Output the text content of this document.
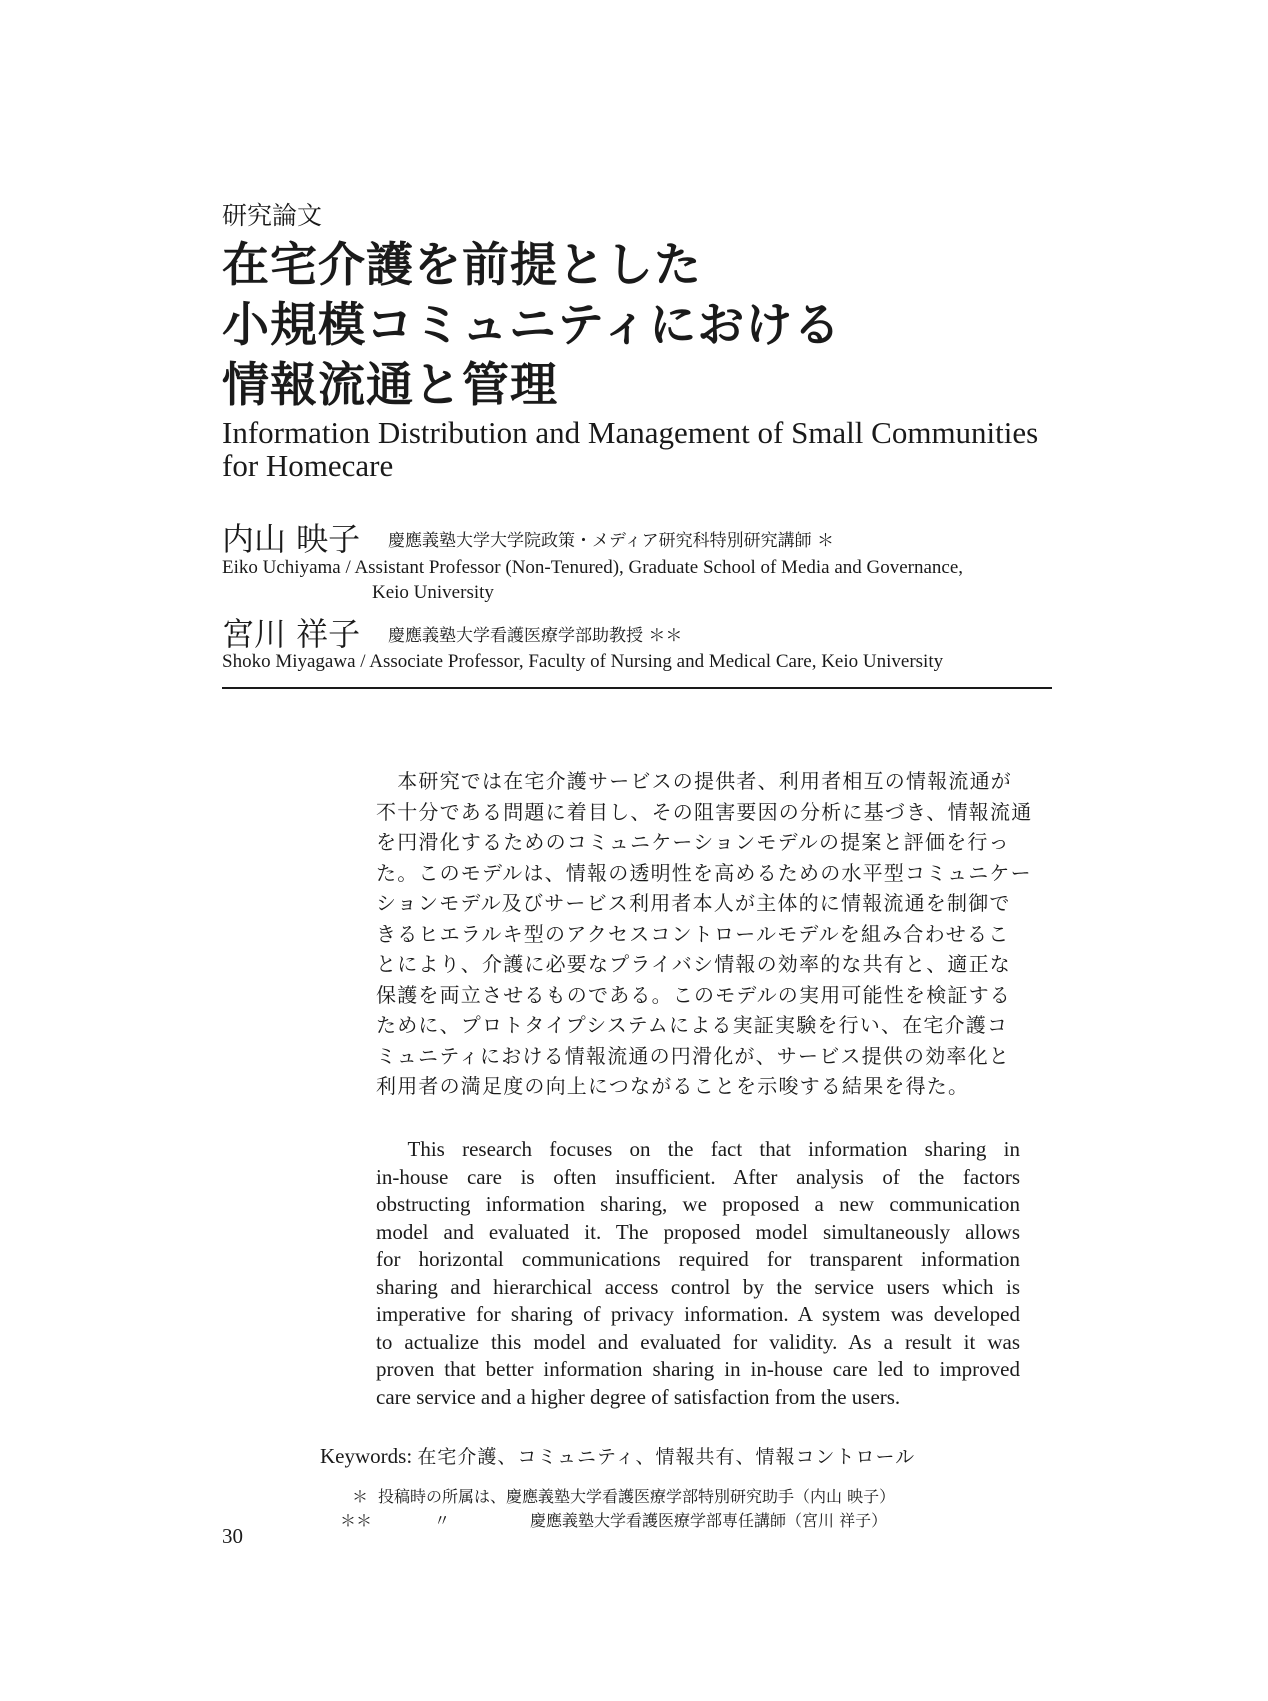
研究論文
在宅介護を前提とした
小規模コミュニティにおける
情報流通と管理
Information Distribution and Management of Small Communities
for Homecare
内山 映子 慶應義塾大学大学院政策・メディア研究科特別研究講師 ＊
Eiko Uchiyama / Assistant Professor (Non-Tenured), Graduate School of Media and Governance,
Keio University
宮川 祥子 慶應義塾大学看護医療学部助教授 ＊＊
Shoko Miyagawa / Associate Professor, Faculty of Nursing and Medical Care, Keio University
　本研究では在宅介護サービスの提供者、利用者相互の情報流通が
不十分である問題に着目し、その阻害要因の分析に基づき、情報流通
を円滑化するためのコミュニケーションモデルの提案と評価を行っ
た。このモデルは、情報の透明性を高めるための水平型コミュニケー
ションモデル及びサービス利用者本人が主体的に情報流通を制御で
きるヒエラルキ型のアクセスコントロールモデルを組み合わせるこ
とにより、介護に必要なプライバシ情報の効率的な共有と、適正な
保護を両立させるものである。このモデルの実用可能性を検証する
ために、プロトタイプシステムによる実証実験を行い、在宅介護コ
ミュニティにおける情報流通の円滑化が、サービス提供の効率化と
利用者の満足度の向上につながることを示唆する結果を得た。
  This research focuses on the fact that information sharing in
in-house care is often insufficient. After analysis of the factors
obstructing information sharing, we proposed a new communication
model and evaluated it. The proposed model simultaneously allows
for horizontal communications required for transparent information
sharing and hierarchical access control by the service users which is
imperative for sharing of privacy information. A system was developed
to actualize this model and evaluated for validity. As a result it was
proven that better information sharing in in-house care led to improved
care service and a higher degree of satisfaction from the users.
Keywords: 在宅介護、コミュニティ、情報共有、情報コントロール
＊ 投稿時の所属は、慶應義塾大学看護医療学部特別研究助手（内山 映子）
＊＊	〃	慶應義塾大学看護医療学部専任講師（宮川 祥子）
30
